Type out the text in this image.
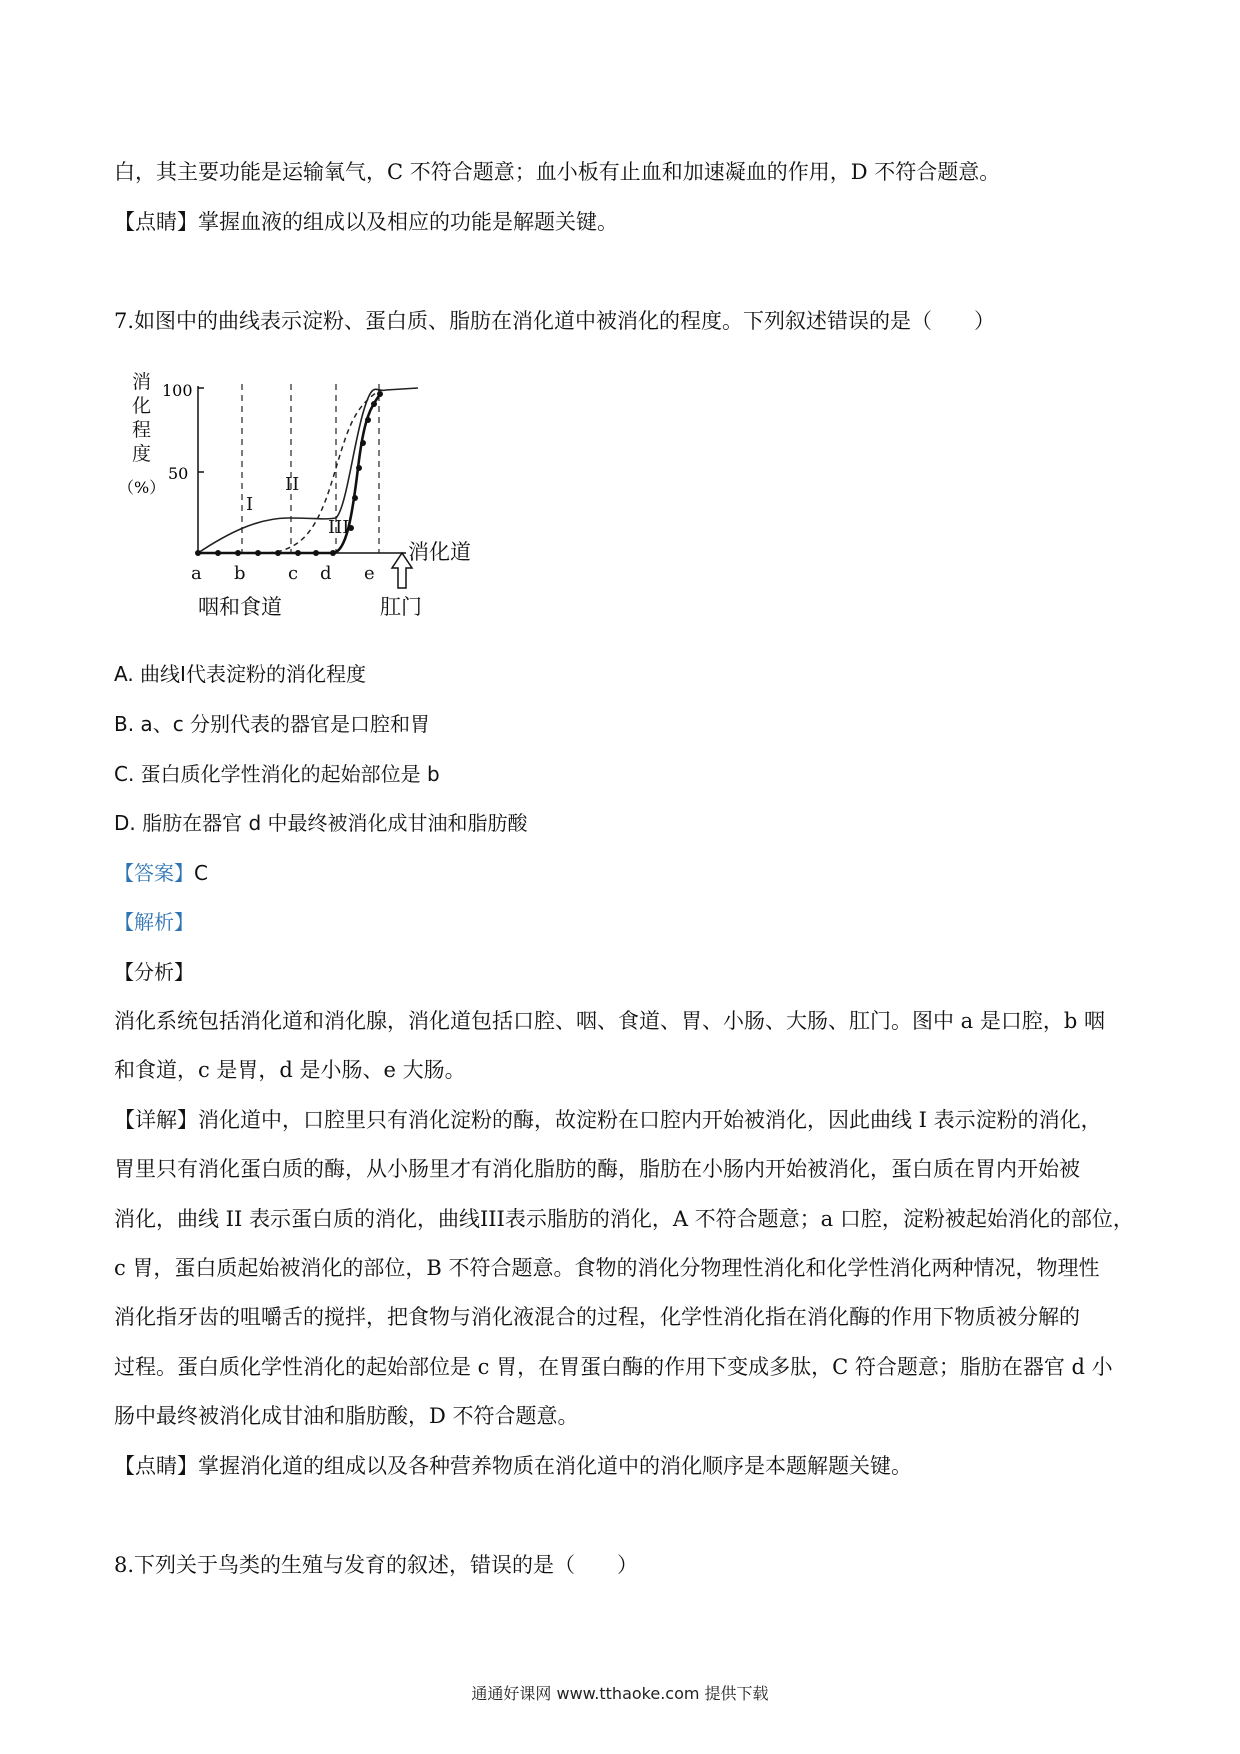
白，其主要功能是运输氧气，C 不符合题意；血小板有止血和加速凝血的作用，D 不符合题意。
【点睛】掌握血液的组成以及相应的功能是解题关键。
7.如图中的曲线表示淀粉、蛋白质、脂肪在消化道中被消化的程度。下列叙述错误的是（　　）
消
化
程
度
（%）
100
50
I
II
III
a b c d e
消化道
肛门
咽和食道
A. 曲线I代表淀粉的消化程度
B. a、c 分别代表的器官是口腔和胃
C. 蛋白质化学性消化的起始部位是 b
D. 脂肪在器官 d 中最终被消化成甘油和脂肪酸
【答案】C
【解析】
【分析】
消化系统包括消化道和消化腺，消化道包括口腔、咽、食道、胃、小肠、大肠、肛门。图中 a 是口腔，b 咽
和食道，c 是胃，d 是小肠、e 大肠。
【详解】消化道中，口腔里只有消化淀粉的酶，故淀粉在口腔内开始被消化，因此曲线 I 表示淀粉的消化，
胃里只有消化蛋白质的酶，从小肠里才有消化脂肪的酶，脂肪在小肠内开始被消化，蛋白质在胃内开始被
消化，曲线 II 表示蛋白质的消化，曲线III表示脂肪的消化，A 不符合题意；a 口腔，淀粉被起始消化的部位，
c 胃，蛋白质起始被消化的部位，B 不符合题意。食物的消化分物理性消化和化学性消化两种情况，物理性
消化指牙齿的咀嚼舌的搅拌，把食物与消化液混合的过程，化学性消化指在消化酶的作用下物质被分解的
过程。蛋白质化学性消化的起始部位是 c 胃，在胃蛋白酶的作用下变成多肽，C 符合题意；脂肪在器官 d 小
肠中最终被消化成甘油和脂肪酸，D 不符合题意。
【点睛】掌握消化道的组成以及各种营养物质在消化道中的消化顺序是本题解题关键。
8.下列关于鸟类的生殖与发育的叙述，错误的是（　　）
通通好课网 www.tthaoke.com 提供下载
